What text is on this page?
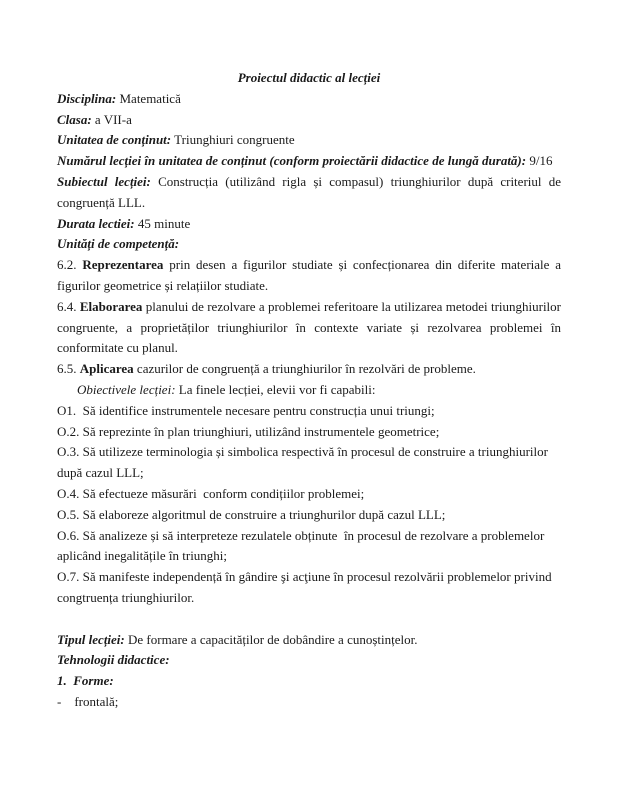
Proiectul didactic al lecției

Disciplina: Matematică

Clasa: a VII-a

Unitatea de conținut: Triunghiuri congruente

Numărul lecției în unitatea de conținut (conform proiectării didactice de lungă durată): 9/16

Subiectul lecției: Construcția (utilizând rigla și compasul) triunghiurilor după criteriul de congruență LLL.

Durata lectiei: 45 minute

Unități de competență:

6.2. Reprezentarea prin desen a figurilor studiate și confecționarea din diferite materiale a figurilor geometrice și relațiilor studiate.

6.4. Elaborarea planului de rezolvare a problemei referitoare la utilizarea metodei triunghiurilor congruente, a proprietăților triunghiurilor în contexte variate și rezolvarea problemei în conformitate cu planul.

6.5. Aplicarea cazurilor de congruență a triunghiurilor în rezolvări de probleme.

Obiectivele lecției: La finele lecției, elevii vor fi capabili:

O1.  Să identifice instrumentele necesare pentru construcția unui triungi;

O.2. Să reprezinte în plan triunghiuri, utilizând instrumentele geometrice;

O.3. Să utilizeze terminologia și simbolica respectivă în procesul de construire a triunghiurilor după cazul LLL;

O.4. Să efectueze măsurări  conform condițiilor problemei;

O.5. Să elaboreze algoritmul de construire a triunghurilor după cazul LLL;

O.6. Să analizeze și să interpreteze rezulatele obținute  în procesul de rezolvare a problemelor aplicând inegalitățile în triunghi;

O.7. Să manifeste independență în gândire şi acţiune în procesul rezolvării problemelor privind congtruența triunghiurilor.

Tipul lecției: De formare a capacităților de dobândire a cunoștințelor.

Tehnologii didactice:

1.  Forme:

-    frontală;
